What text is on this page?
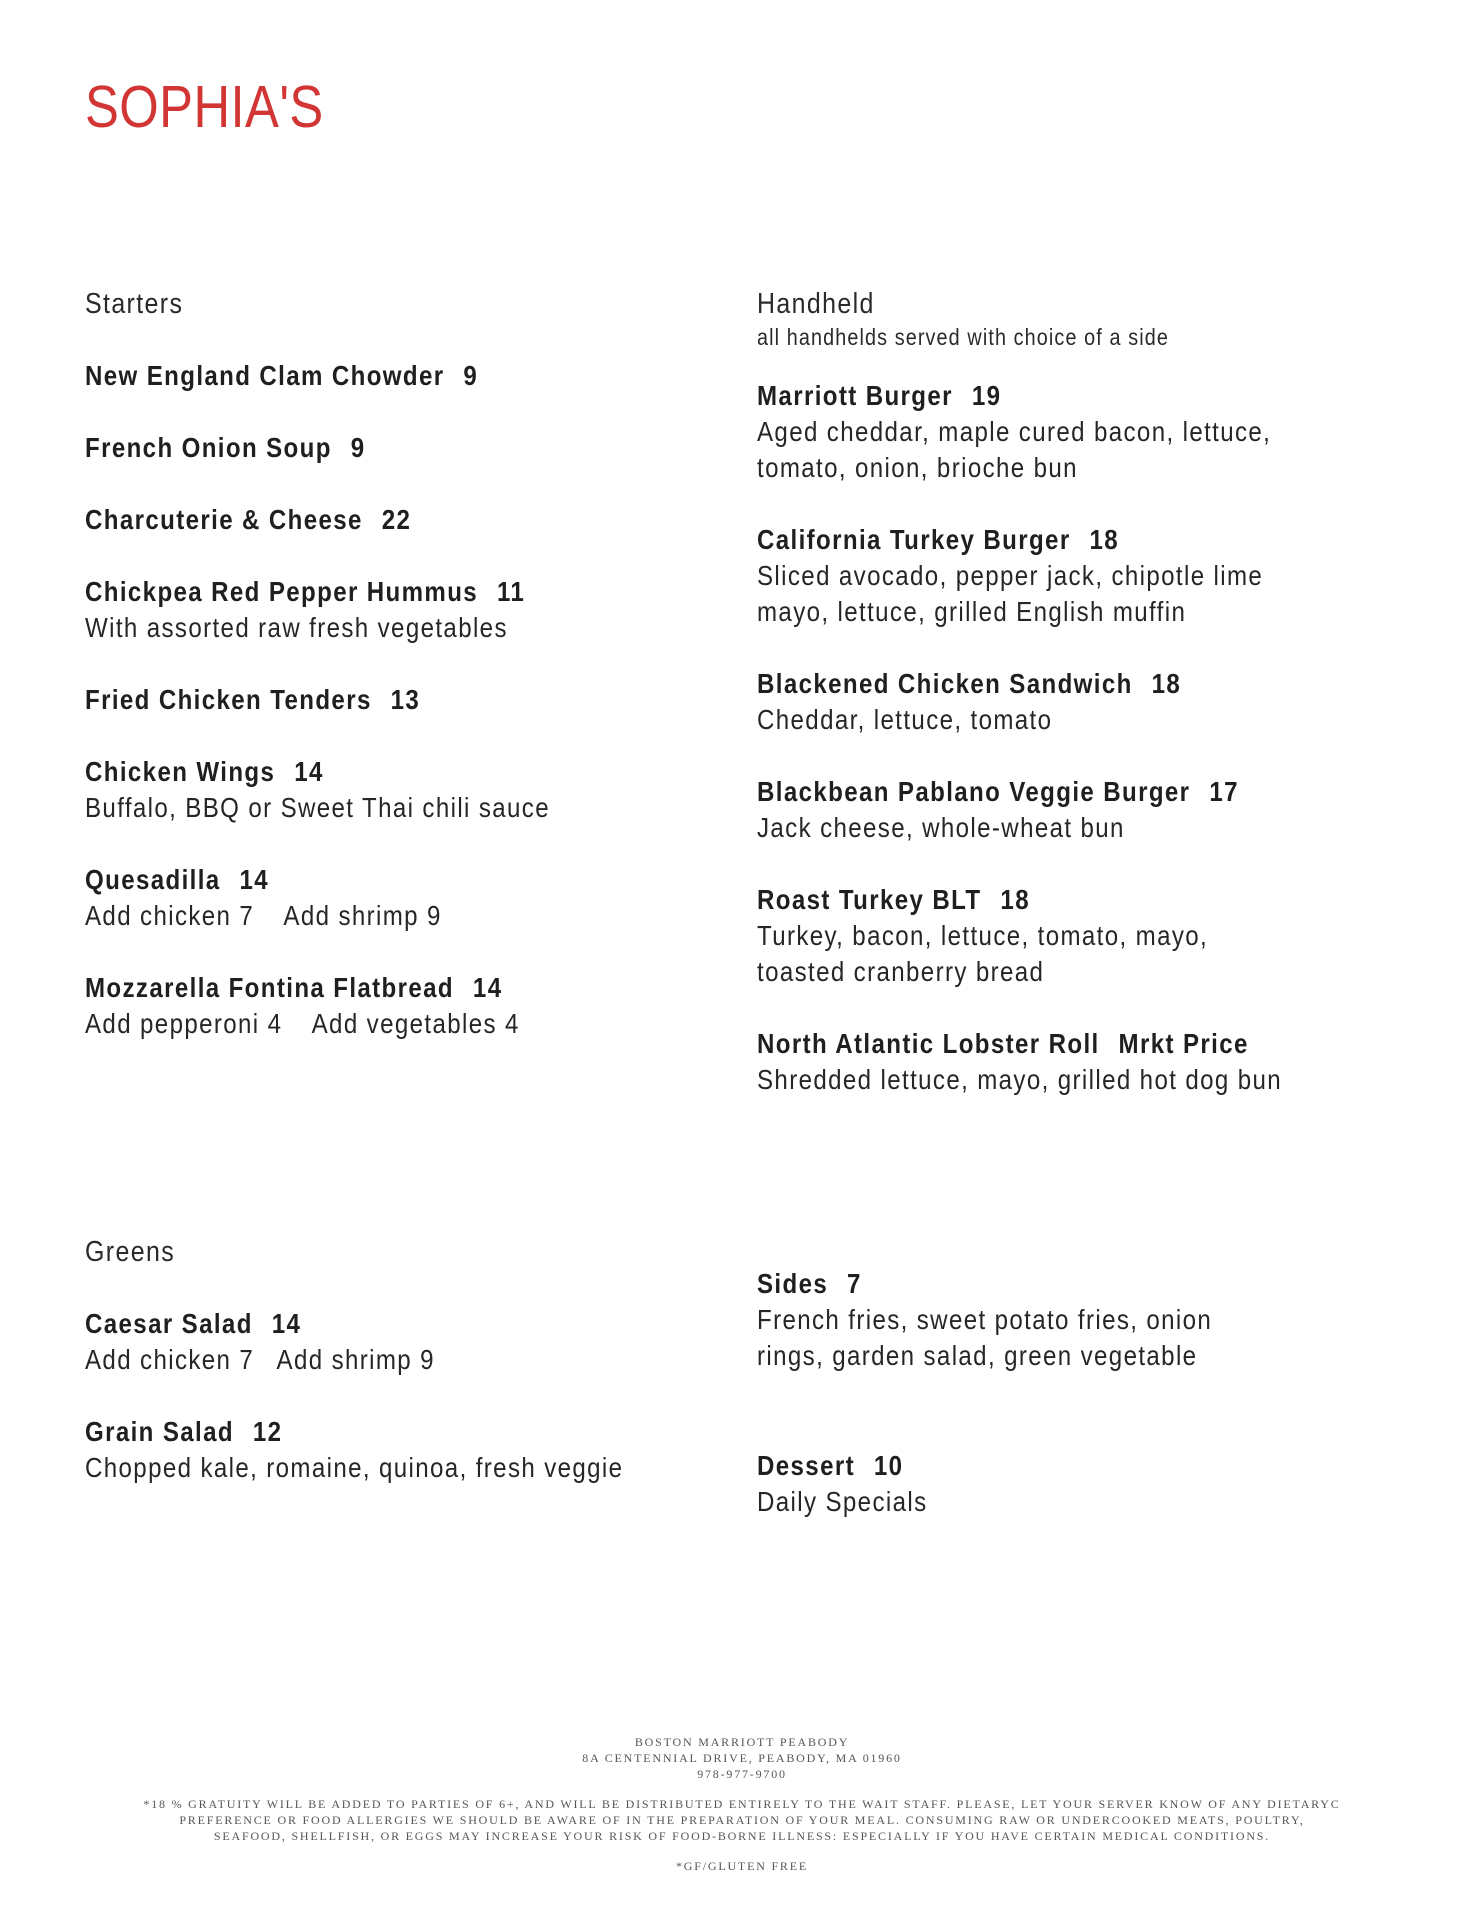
SOPHIA'S
Starters
New England Clam Chowder 9
French Onion Soup 9
Charcuterie & Cheese 22
Chickpea Red Pepper Hummus 11
With assorted raw fresh vegetables
Fried Chicken Tenders 13
Chicken Wings 14
Buffalo, BBQ or Sweet Thai chili sauce
Quesadilla 14
Add chicken 7 Add shrimp 9
Mozzarella Fontina Flatbread 14
Add pepperoni 4 Add vegetables 4
Greens
Caesar Salad 14
Add chicken 7 Add shrimp 9
Grain Salad 12
Chopped kale, romaine, quinoa, fresh veggie
Handheld
all handhelds served with choice of a side
Marriott Burger 19
Aged cheddar, maple cured bacon, lettuce,
tomato, onion, brioche bun
California Turkey Burger 18
Sliced avocado, pepper jack, chipotle lime
mayo, lettuce, grilled English muffin
Blackened Chicken Sandwich 18
Cheddar, lettuce, tomato
Blackbean Pablano Veggie Burger 17
Jack cheese, whole-wheat bun
Roast Turkey BLT 18
Turkey, bacon, lettuce, tomato, mayo,
toasted cranberry bread
North Atlantic Lobster Roll Mrkt Price
Shredded lettuce, mayo, grilled hot dog bun
Sides 7
French fries, sweet potato fries, onion
rings, garden salad, green vegetable
Dessert 10
Daily Specials
BOSTON MARRIOTT PEABODY
8A CENTENNIAL DRIVE, PEABODY, MA 01960
978-977-9700
*18 % GRATUITY WILL BE ADDED TO PARTIES OF 6+, AND WILL BE DISTRIBUTED ENTIRELY TO THE WAIT STAFF. PLEASE, LET YOUR SERVER KNOW OF ANY DIETARYC
PREFERENCE OR FOOD ALLERGIES WE SHOULD BE AWARE OF IN THE PREPARATION OF YOUR MEAL. CONSUMING RAW OR UNDERCOOKED MEATS, POULTRY,
SEAFOOD, SHELLFISH, OR EGGS MAY INCREASE YOUR RISK OF FOOD-BORNE ILLNESS: ESPECIALLY IF YOU HAVE CERTAIN MEDICAL CONDITIONS.
*GF/GLUTEN FREE
